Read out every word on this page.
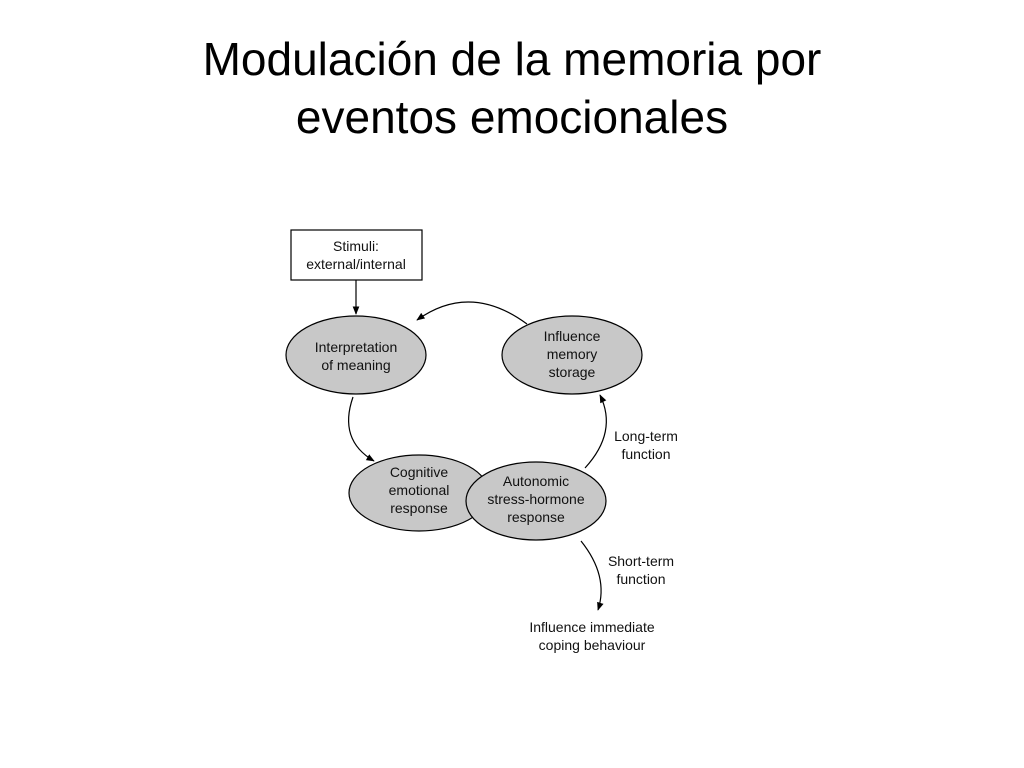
Modulación de la memoria por
eventos emocionales
Stimuli:
external/internal
Interpretation
of meaning
Influence
memory
storage
Cognitive
emotional
response
Autonomic
stress-hormone
response
Long-term
function
Short-term
function
Influence immediate
coping behaviour
